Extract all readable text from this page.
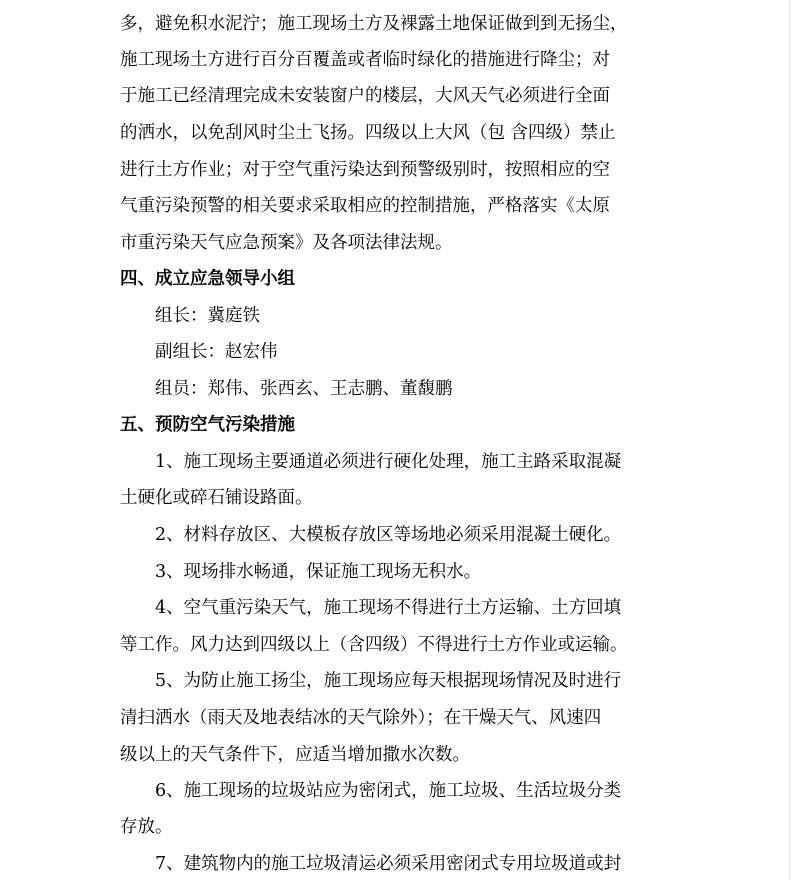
多，避免积水泥泞；施工现场土方及裸露土地保证做到到无扬尘，
施工现场土方进行百分百覆盖或者临时绿化的措施进行降尘；对
于施工已经清理完成未安装窗户的楼层，大风天气必须进行全面
的洒水，以免刮风时尘土飞扬。四级以上大风（包 含四级）禁止
进行土方作业；对于空气重污染达到预警级别时，按照相应的空
气重污染预警的相关要求采取相应的控制措施，严格落实《太原
市重污染天气应急预案》及各项法律法规。
四、成立应急领导小组
组长：冀庭铁
副组长：赵宏伟
组员：郑伟、张西玄、王志鹏、董馥鹏
五、预防空气污染措施
1、施工现场主要通道必须进行硬化处理，施工主路采取混凝
土硬化或碎石铺设路面。
2、材料存放区、大模板存放区等场地必须采用混凝土硬化。
3、现场排水畅通，保证施工现场无积水。
4、空气重污染天气，施工现场不得进行土方运输、土方回填
等工作。风力达到四级以上（含四级）不得进行土方作业或运输。
5、为防止施工扬尘，施工现场应每天根据现场情况及时进行
清扫洒水（雨天及地表结冰的天气除外）；在干燥天气、风速四
级以上的天气条件下，应适当增加撒水次数。
6、施工现场的垃圾站应为密闭式，施工垃圾、生活垃圾分类
存放。
7、建筑物内的施工垃圾清运必须采用密闭式专用垃圾道或封
